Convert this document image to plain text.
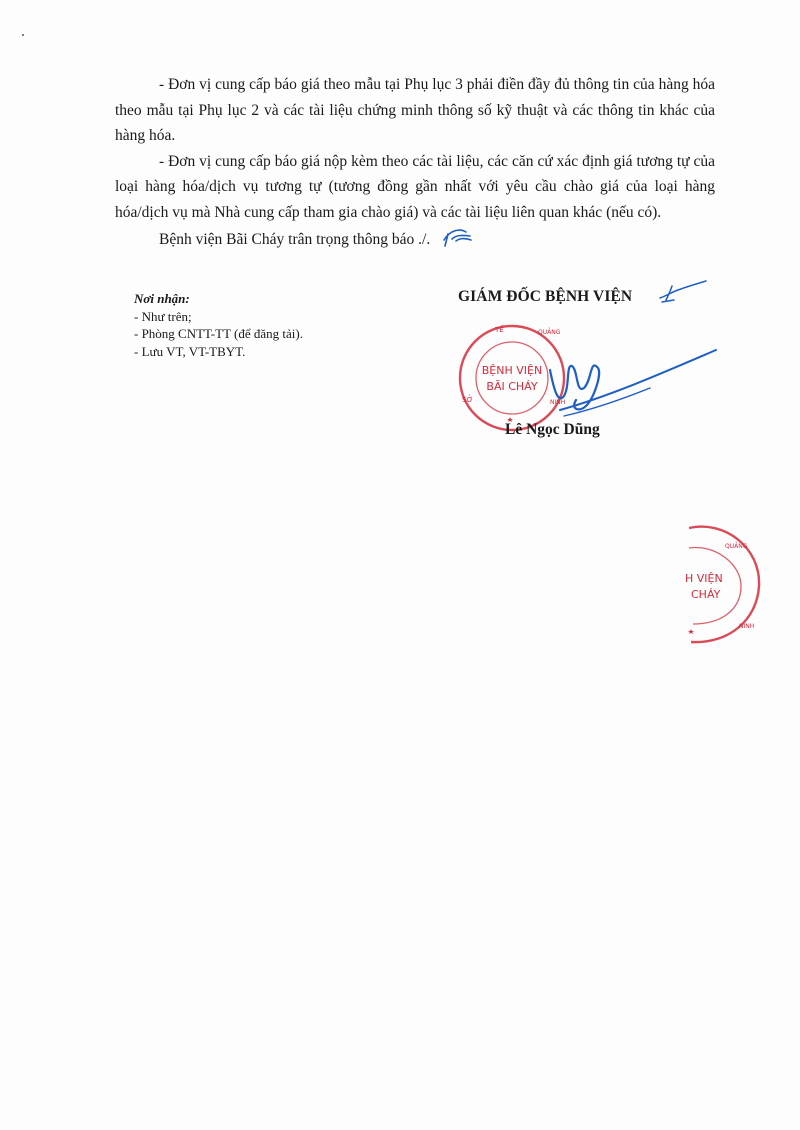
- Đơn vị cung cấp báo giá theo mẫu tại Phụ lục 3 phải điền đầy đủ thông tin của hàng hóa theo mẫu tại Phụ lục 2 và các tài liệu chứng minh thông số kỹ thuật và các thông tin khác của hàng hóa.

- Đơn vị cung cấp báo giá nộp kèm theo các tài liệu, các căn cứ xác định giá tương tự của loại hàng hóa/dịch vụ tương tự (tương đồng gần nhất với yêu cầu chào giá của loại hàng hóa/dịch vụ mà Nhà cung cấp tham gia chào giá) và các tài liệu liên quan khác (nếu có).

Bệnh viện Bãi Cháy trân trọng thông báo ./.

Nơi nhận:
- Như trên;
- Phòng CNTT-TT (để đăng tải).
- Lưu VT, VT-TBYT.
GIÁM ĐỐC BỆNH VIỆN
TẾ	QUẢNG
SỞ	NINH
BỆNH VIỆN
BÃI CHÁY
Lê Ngọc Dũng
QUẢNG
NINH
H VIỆN
CHÁY
